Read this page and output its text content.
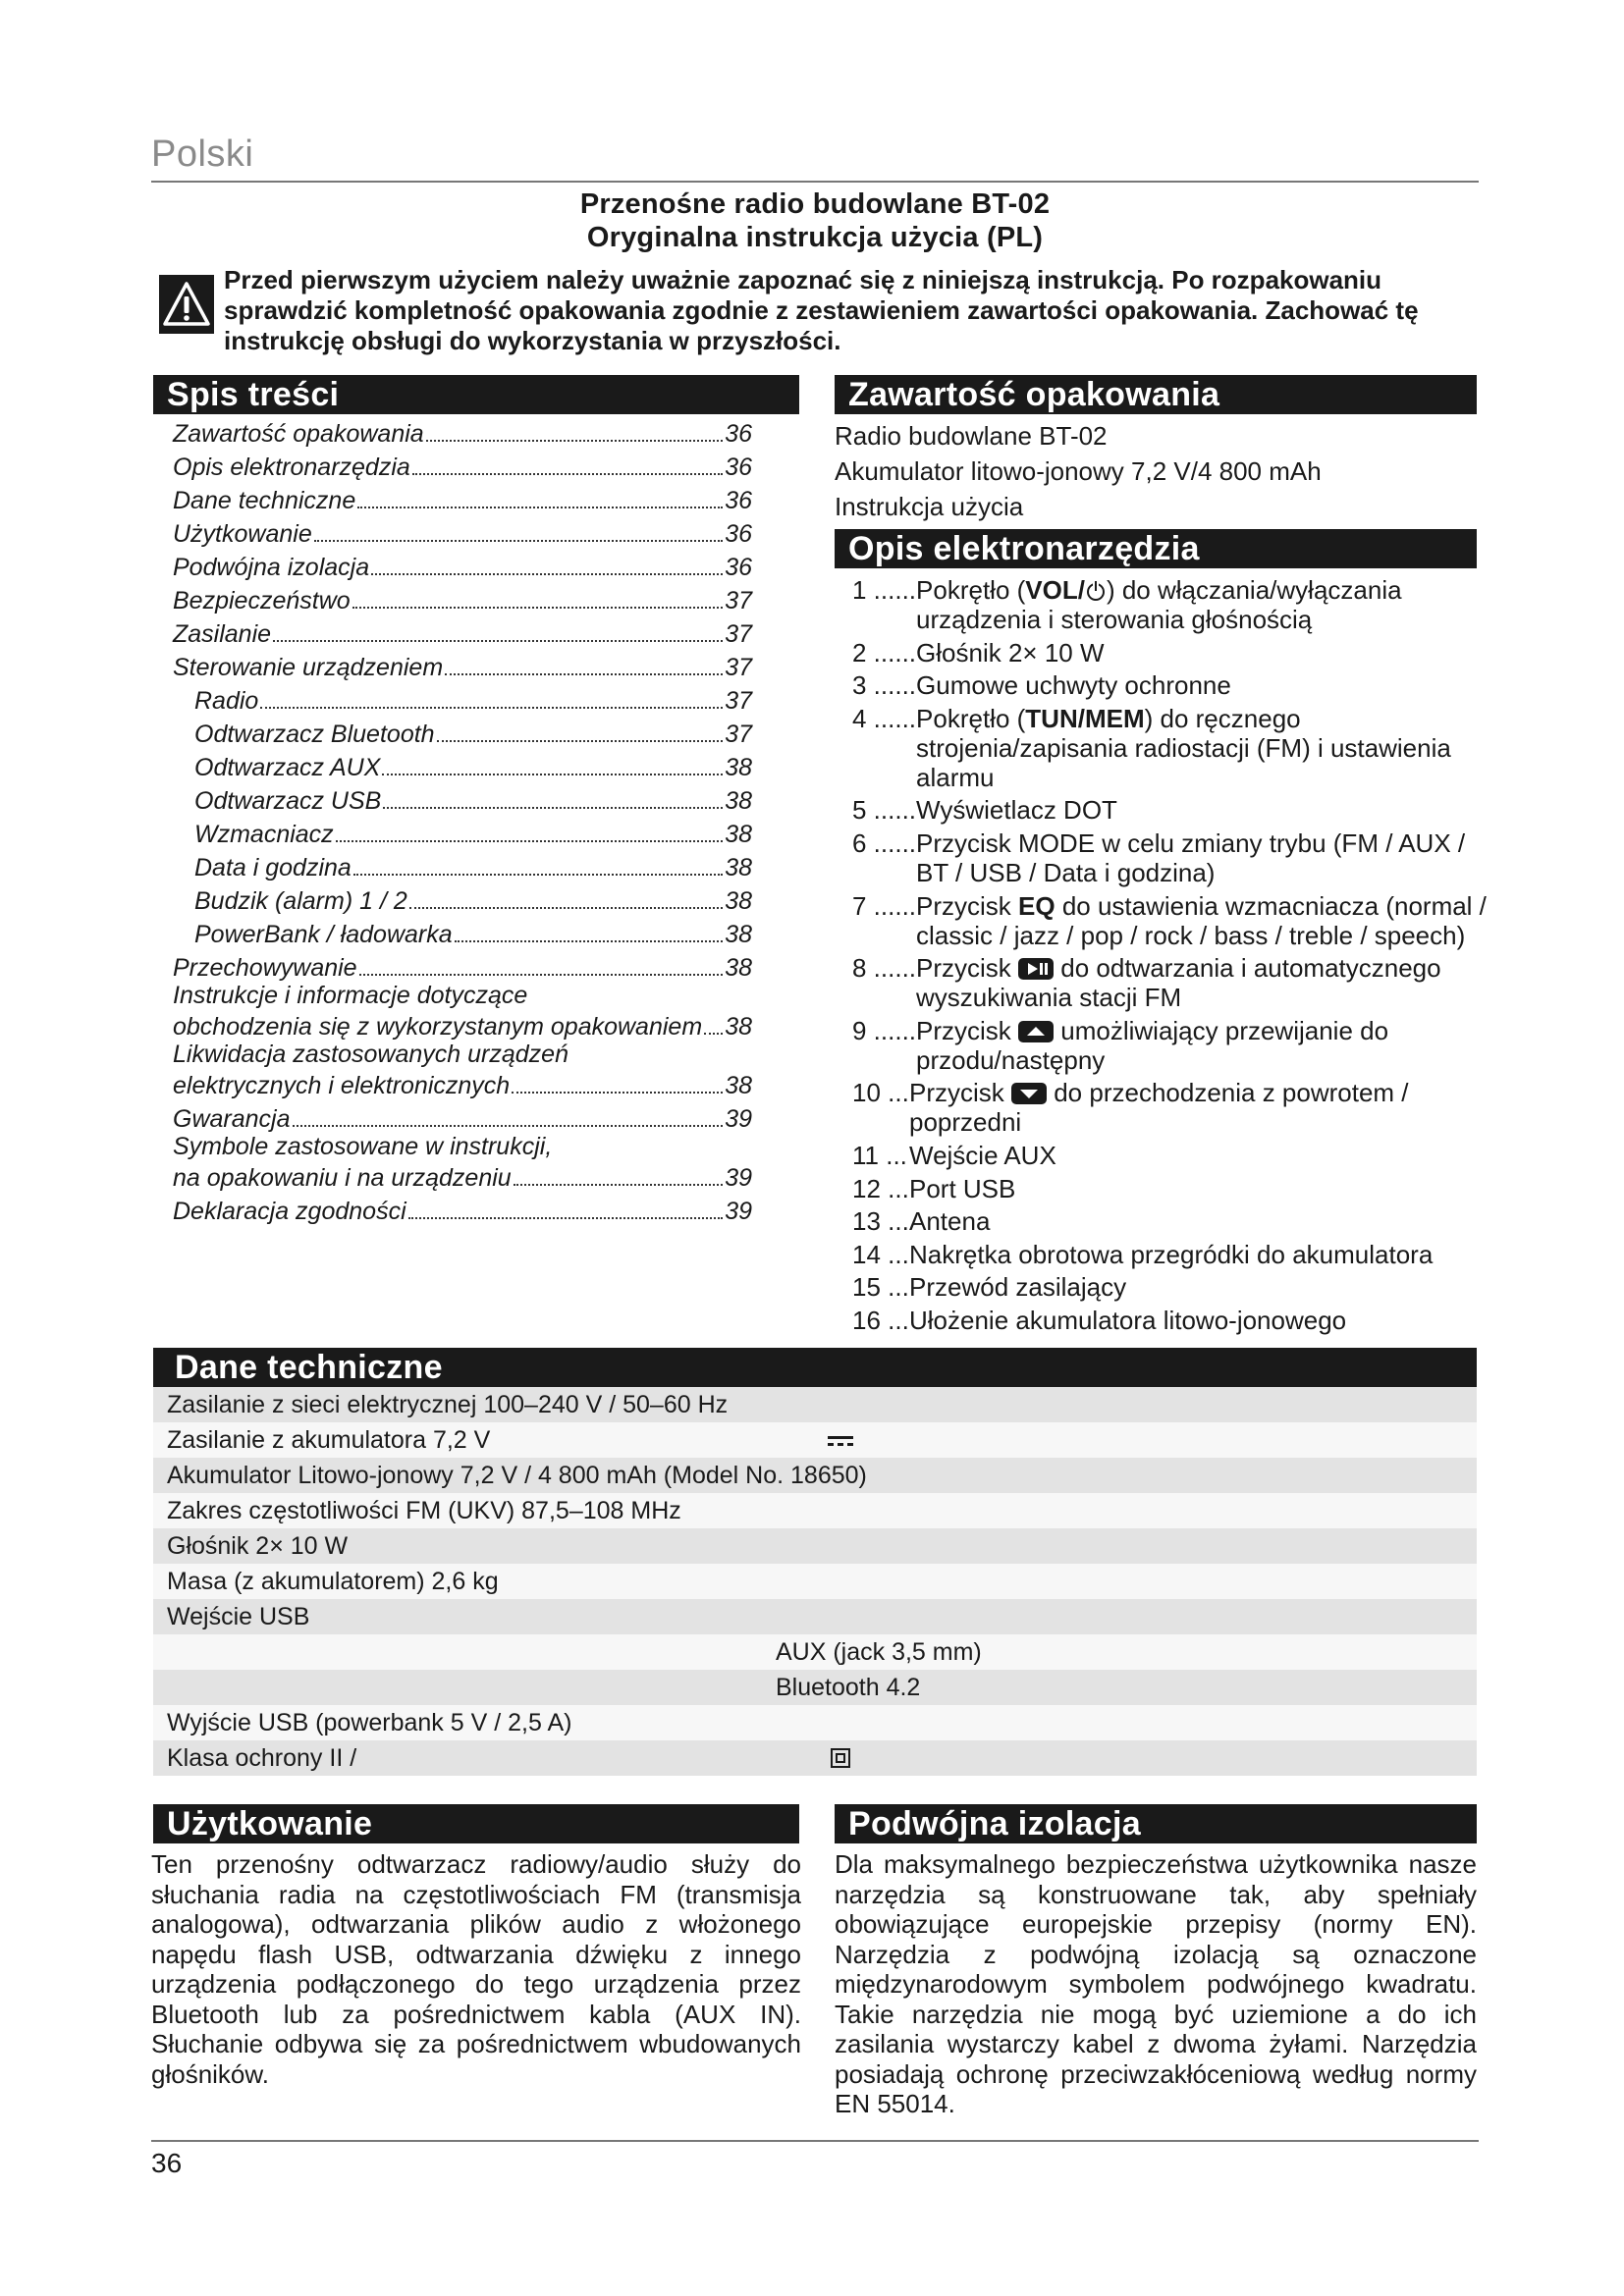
Polski
Przenośne radio budowlane BT-02
Oryginalna instrukcja użycia (PL)
Przed pierwszym użyciem należy uważnie zapoznać się z niniejszą instrukcją. Po rozpakowaniu sprawdzić kompletność opakowania zgodnie z zestawieniem zawartości opakowania. Zachować tę instrukcję obsługi do wykorzystania w przyszłości.
Spis treści
Zawartość opakowania	36
Opis elektronarzędzia	36
Dane techniczne	36
Użytkowanie	36
Podwójna izolacja	36
Bezpieczeństwo	37
Zasilanie	37
Sterowanie urządzeniem	37
Radio	37
Odtwarzacz Bluetooth	37
Odtwarzacz AUX	38
Odtwarzacz USB	38
Wzmacniacz	38
Data i godzina	38
Budzik (alarm) 1 / 2	38
PowerBank / ładowarka	38
Przechowywanie	38
Instrukcje i informacje dotyczące
obchodzenia się z wykorzystanym opakowaniem 38
Likwidacja zastosowanych urządzeń
elektrycznych i elektronicznych	38
Gwarancja	39
Symbole zastosowane w instrukcji,
na opakowaniu i na urządzeniu	39
Deklaracja zgodności	39
Zawartość opakowania
Radio budowlane BT-02
Akumulator litowo-jonowy 7,2 V/4 800 mAh
Instrukcja użycia
Opis elektronarzędzia
1 ...... Pokrętło (VOL/ ) do włączania/wyłączania urządzenia i sterowania głośnością
2 ...... Głośnik 2× 10 W
3 ...... Gumowe uchwyty ochronne
4 ...... Pokrętło (TUN/MEM) do ręcznego strojenia/zapisania radiostacji (FM) i ustawienia alarmu
5 ...... Wyświetlacz DOT
6 ...... Przycisk MODE w celu zmiany trybu (FM / AUX / BT / USB / Data i godzina)
7 ...... Przycisk EQ do ustawienia wzmacniacza (normal / classic / jazz / pop / rock / bass / treble / speech)
8 ...... Przycisk  do odtwarzania i automatycznego wyszukiwania stacji FM
9 ...... Przycisk  umożliwiający przewijanie do przodu/następny
10 ... Przycisk  do przechodzenia z powrotem / poprzedni
11 ... Wejście AUX
12 ... Port USB
13 ... Antena
14 ... Nakrętka obrotowa przegródki do akumulatora
15 ... Przewód zasilający
16 ... Ułożenie akumulatora litowo-jonowego
Dane techniczne
Zasilanie z sieci elektrycznej 100–240 V / 50–60 Hz
Zasilanie z akumulatora 7,2 V
Akumulator Litowo-jonowy 7,2 V / 4 800 mAh (Model No. 18650)
Zakres częstotliwości FM (UKV) 87,5–108 MHz
Głośnik 2× 10 W
Masa (z akumulatorem) 2,6 kg
Wejście USB
AUX (jack 3,5 mm)
Bluetooth 4.2
Wyjście USB (powerbank 5 V / 2,5 A)
Klasa ochrony II /
Użytkowanie
Ten przenośny odtwarzacz radiowy/audio służy do słuchania radia na częstotliwościach FM (transmisja analogowa), odtwarzania plików audio z włożonego napędu flash USB, odtwarzania dźwięku z innego urządzenia podłączonego do tego urządzenia przez Bluetooth lub za pośrednictwem kabla (AUX IN). Słuchanie odbywa się za pośrednictwem wbudowanych głośników.
Podwójna izolacja
Dla maksymalnego bezpieczeństwa użytkownika nasze narzędzia są konstruowane tak, aby spełniały obowiązujące europejskie przepisy (normy EN). Narzędzia z podwójną izolacją są oznaczone międzynarodowym symbolem podwójnego kwadratu. Takie narzędzia nie mogą być uziemione a do ich zasilania wystarczy kabel z dwoma żyłami. Narzędzia posiadają ochronę przeciwzakłóceniową według normy EN 55014.
36
